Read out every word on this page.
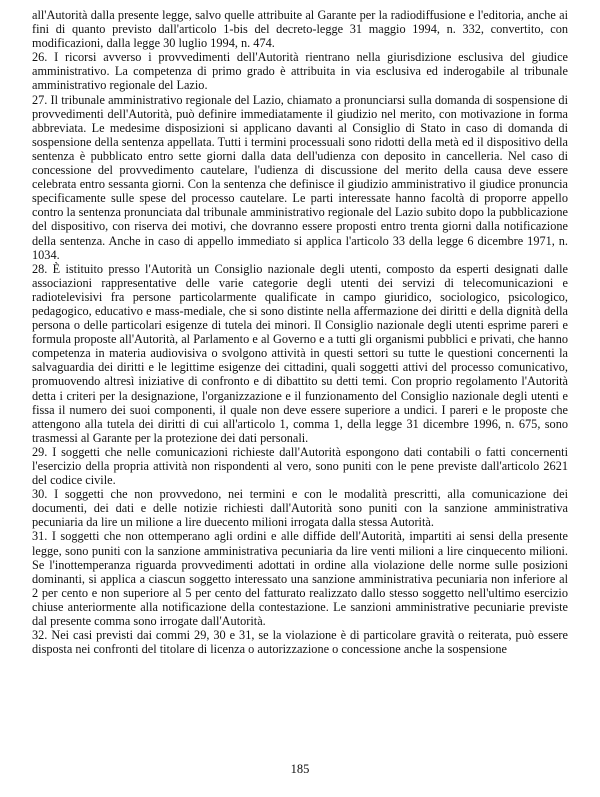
all'Autorità dalla presente legge, salvo quelle attribuite al Garante per la radiodiffusione e l'editoria, anche ai fini di quanto previsto dall'articolo 1-bis del decreto-legge 31 maggio 1994, n. 332, convertito, con modificazioni, dalla legge 30 luglio 1994, n. 474.

26. I ricorsi avverso i provvedimenti dell'Autorità rientrano nella giurisdizione esclusiva del giudice amministrativo. La competenza di primo grado è attribuita in via esclusiva ed inderogabile al tribunale amministrativo regionale del Lazio.

27. Il tribunale amministrativo regionale del Lazio, chiamato a pronunciarsi sulla domanda di sospensione di provvedimenti dell'Autorità, può definire immediatamente il giudizio nel merito, con motivazione in forma abbreviata. Le medesime disposizioni si applicano davanti al Consiglio di Stato in caso di domanda di sospensione della sentenza appellata. Tutti i termini processuali sono ridotti della metà ed il dispositivo della sentenza è pubblicato entro sette giorni dalla data dell'udienza con deposito in cancelleria. Nel caso di concessione del provvedimento cautelare, l'udienza di discussione del merito della causa deve essere celebrata entro sessanta giorni. Con la sentenza che definisce il giudizio amministrativo il giudice pronuncia specificamente sulle spese del processo cautelare. Le parti interessate hanno facoltà di proporre appello contro la sentenza pronunciata dal tribunale amministrativo regionale del Lazio subito dopo la pubblicazione del dispositivo, con riserva dei motivi, che dovranno essere proposti entro trenta giorni dalla notificazione della sentenza. Anche in caso di appello immediato si applica l'articolo 33 della legge 6 dicembre 1971, n. 1034.

28. È istituito presso l'Autorità un Consiglio nazionale degli utenti, composto da esperti designati dalle associazioni rappresentative delle varie categorie degli utenti dei servizi di telecomunicazioni e radiotelevisivi fra persone particolarmente qualificate in campo giuridico, sociologico, psicologico, pedagogico, educativo e mass-mediale, che si sono distinte nella affermazione dei diritti e della dignità della persona o delle particolari esigenze di tutela dei minori. Il Consiglio nazionale degli utenti esprime pareri e formula proposte all'Autorità, al Parlamento e al Governo e a tutti gli organismi pubblici e privati, che hanno competenza in materia audiovisiva o svolgono attività in questi settori su tutte le questioni concernenti la salvaguardia dei diritti e le legittime esigenze dei cittadini, quali soggetti attivi del processo comunicativo, promuovendo altresì iniziative di confronto e di dibattito su detti temi. Con proprio regolamento l'Autorità detta i criteri per la designazione, l'organizzazione e il funzionamento del Consiglio nazionale degli utenti e fissa il numero dei suoi componenti, il quale non deve essere superiore a undici. I pareri e le proposte che attengono alla tutela dei diritti di cui all'articolo 1, comma 1, della legge 31 dicembre 1996, n. 675, sono trasmessi al Garante per la protezione dei dati personali.

29. I soggetti che nelle comunicazioni richieste dall'Autorità espongono dati contabili o fatti concernenti l'esercizio della propria attività non rispondenti al vero, sono puniti con le pene previste dall'articolo 2621 del codice civile.

30. I soggetti che non provvedono, nei termini e con le modalità prescritti, alla comunicazione dei documenti, dei dati e delle notizie richiesti dall'Autorità sono puniti con la sanzione amministrativa pecuniaria da lire un milione a lire duecento milioni irrogata dalla stessa Autorità.

31. I soggetti che non ottemperano agli ordini e alle diffide dell'Autorità, impartiti ai sensi della presente legge, sono puniti con la sanzione amministrativa pecuniaria da lire venti milioni a lire cinquecento milioni. Se l'inottemperanza riguarda provvedimenti adottati in ordine alla violazione delle norme sulle posizioni dominanti, si applica a ciascun soggetto interessato una sanzione amministrativa pecuniaria non inferiore al 2 per cento e non superiore al 5 per cento del fatturato realizzato dallo stesso soggetto nell'ultimo esercizio chiuse anteriormente alla notificazione della contestazione. Le sanzioni amministrative pecuniarie previste dal presente comma sono irrogate dall'Autorità.

32. Nei casi previsti dai commi 29, 30 e 31, se la violazione è di particolare gravità o reiterata, può essere disposta nei confronti del titolare di licenza o autorizzazione o concessione anche la sospensione

185
